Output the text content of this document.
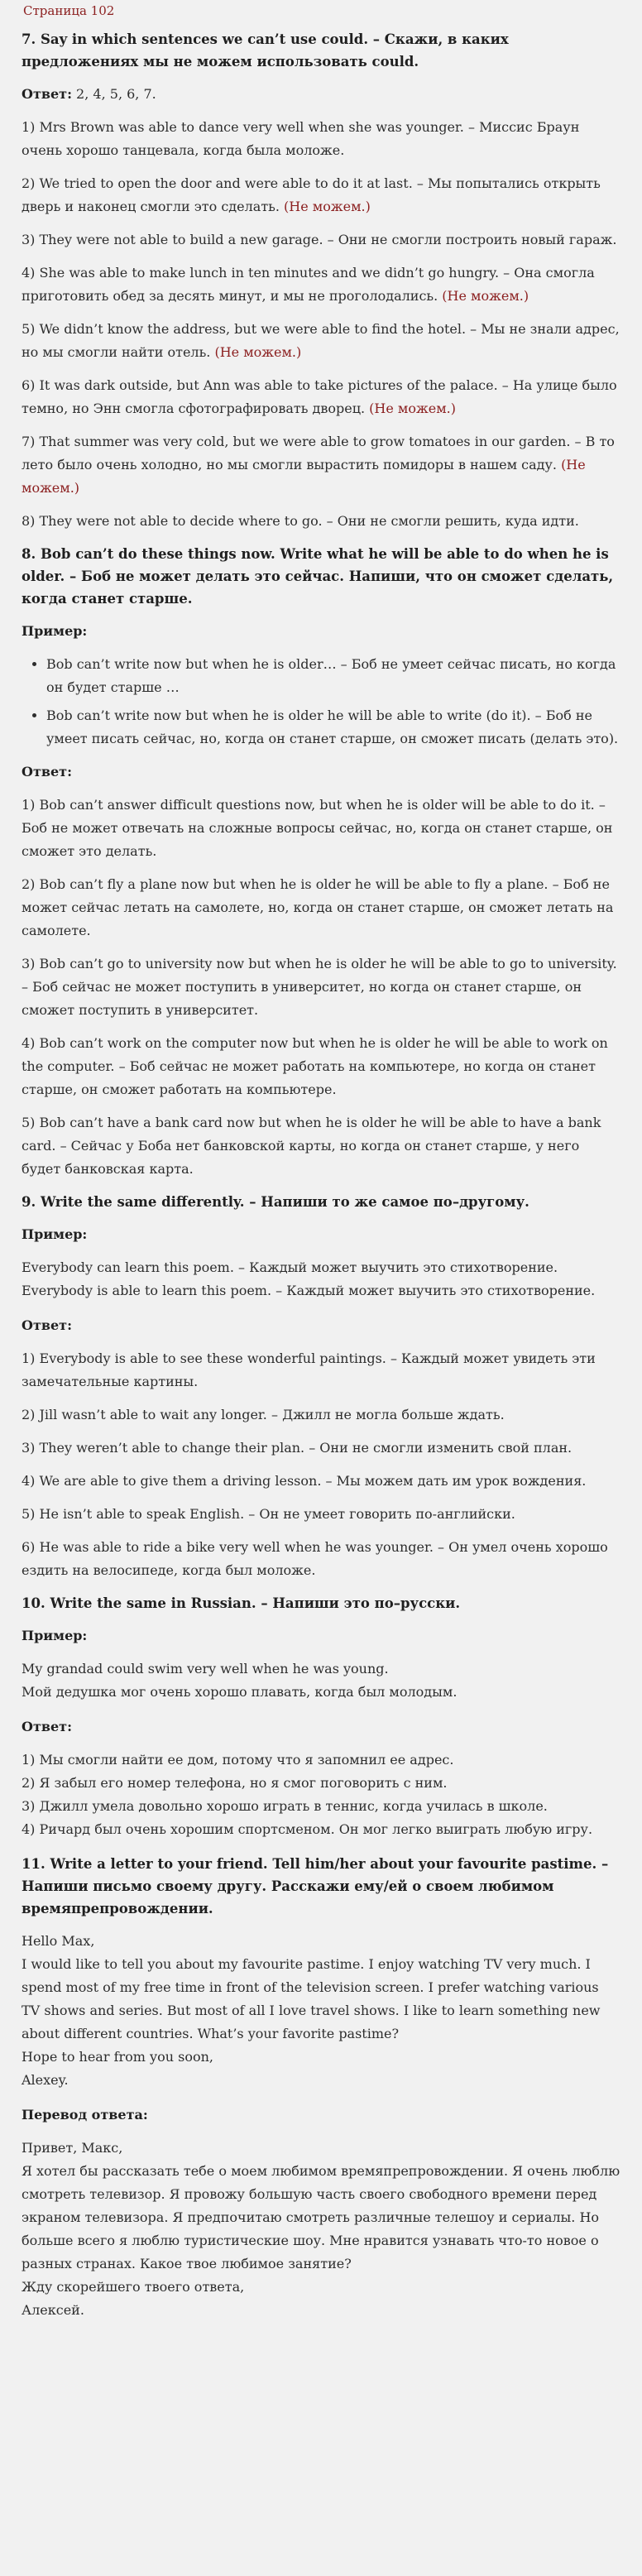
Страница 102
7. Say in which sentences we can’t use could. – Скажи, в каких предложениях мы не можем использовать could.

Ответ: 2, 4, 5, 6, 7.

1) Mrs Brown was able to dance very well when she was younger. – Миссис Браун очень хорошо танцевала, когда была моложе.

2) We tried to open the door and were able to do it at last. – Мы попытались открыть дверь и наконец смогли это сделать. (Не можем.)

3) They were not able to build a new garage. – Они не смогли построить новый гараж.

4) She was able to make lunch in ten minutes and we didn’t go hungry. – Она смогла приготовить обед за десять минут, и мы не проголодались. (Не можем.)

5) We didn’t know the address, but we were able to find the hotel. – Мы не знали адрес, но мы смогли найти отель. (Не можем.)

6) It was dark outside, but Ann was able to take pictures of the palace. – На улице было темно, но Энн смогла сфотографировать дворец. (Не можем.)

7) That summer was very cold, but we were able to grow tomatoes in our garden. – В то лето было очень холодно, но мы смогли вырастить помидоры в нашем саду. (Не можем.)

8) They were not able to decide where to go. – Они не смогли решить, куда идти.

8. Bob can’t do these things now. Write what he will be able to do when he is older. – Боб не может делать это сейчас. Напиши, что он сможет сделать, когда станет старше.

Пример:

• Bob can’t write now but when he is older… – Боб не умеет сейчас писать, но когда он будет старше …
• Bob can’t write now but when he is older he will be able to write (do it). – Боб не умеет писать сейчас, но, когда он станет старше, он сможет писать (делать это).

Ответ:

1) Bob can’t answer difficult questions now, but when he is older will be able to do it. – Боб не может отвечать на сложные вопросы сейчас, но, когда он станет старше, он сможет это делать.

2) Bob can’t fly a plane now but when he is older he will be able to fly a plane. – Боб не может сейчас летать на самолете, но, когда он станет старше, он сможет летать на самолете.

3) Bob can’t go to university now but when he is older he will be able to go to university. – Боб сейчас не может поступить в университет, но когда он станет старше, он сможет поступить в университет.

4) Bob can’t work on the computer now but when he is older he will be able to work on the computer. – Боб сейчас не может работать на компьютере, но когда он станет старше, он сможет работать на компьютере.

5) Bob can’t have a bank card now but when he is older he will be able to have a bank card. – Сейчас у Боба нет банковской карты, но когда он станет старше, у него будет банковская карта.

9. Write the same differently. – Напиши то же самое по–другому.

Пример:

Everybody can learn this poem. – Каждый может выучить это стихотворение.
Everybody is able to learn this poem. – Каждый может выучить это стихотворение.

Ответ:

1) Everybody is able to see these wonderful paintings. – Каждый может увидеть эти замечательные картины.

2) Jill wasn’t able to wait any longer. – Джилл не могла больше ждать.

3) They weren’t able to change their plan. – Они не смогли изменить свой план.

4) We are able to give them a driving lesson. – Мы можем дать им урок вождения.

5) He isn’t able to speak English. – Он не умеет говорить по-английски.

6) He was able to ride a bike very well when he was younger. – Он умел очень хорошо ездить на велосипеде, когда был моложе.

10. Write the same in Russian. – Напиши это по–русски.

Пример:

My grandad could swim very well when he was young.
Мой дедушка мог очень хорошо плавать, когда был молодым.

Ответ:

1) Мы смогли найти ее дом, потому что я запомнил ее адрес.
2) Я забыл его номер телефона, но я смог поговорить с ним.
3) Джилл умела довольно хорошо играть в теннис, когда училась в школе.
4) Ричард был очень хорошим спортсменом. Он мог легко выиграть любую игру.
11. Write a letter to your friend. Tell him/her about your favourite pastime. – Напиши письмо своему другу. Расскажи ему/ей о своем любимом времяпрепровождении.
Hello Max,
I would like to tell you about my favourite pastime. I enjoy watching TV very much. I spend most of my free time in front of the television screen. I prefer watching various TV shows and series. But most of all I love travel shows. I like to learn something new about different countries. What’s your favorite pastime?
Hope to hear from you soon,
Alexey.

Перевод ответа:

Привет, Макс,
Я хотел бы рассказать тебе о моем любимом времяпрепровождении. Я очень люблю смотреть телевизор. Я провожу большую часть своего свободного времени перед экраном телевизора. Я предпочитаю смотреть различные телешоу и сериалы. Но больше всего я люблю туристические шоу. Мне нравится узнавать что-то новое о разных странах. Какое твое любимое занятие?
Жду скорейшего твоего ответа,
Алексей.
